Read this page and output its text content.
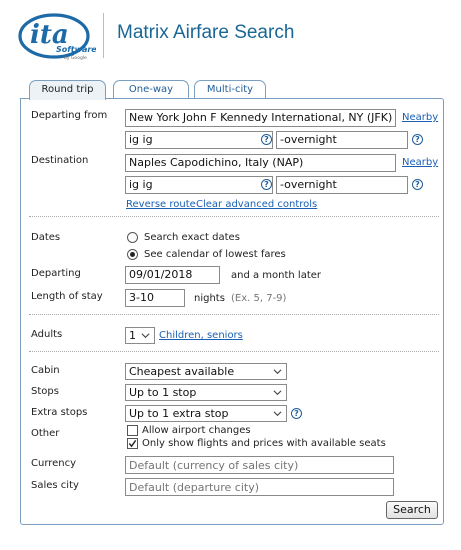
ita
Software
by Google
Matrix Airfare Search
Round trip	One-way	Multi-city
Departing from	New York John F Kennedy International, NY (JFK) Nearby
ig ig	?	-overnight	?
Destination	Naples Capodichino, Italy (NAP)	Nearby
ig ig	?	-overnight	?
Reverse route Clear advanced controls
Dates	Search exact dates
See calendar of lowest fares
Departing	09/01/2018	and a month later
Length of stay	3-10	nights (Ex. 5, 7-9)
Adults	1	Children, seniors
Cabin	Cheapest available
Stops	Up to 1 stop
Extra stops	Up to 1 extra stop	?
Other	Allow airport changes
Only show flights and prices with available seats
Currency
Default (currency of sales city)
Sales city
Default (departure city)
Search
